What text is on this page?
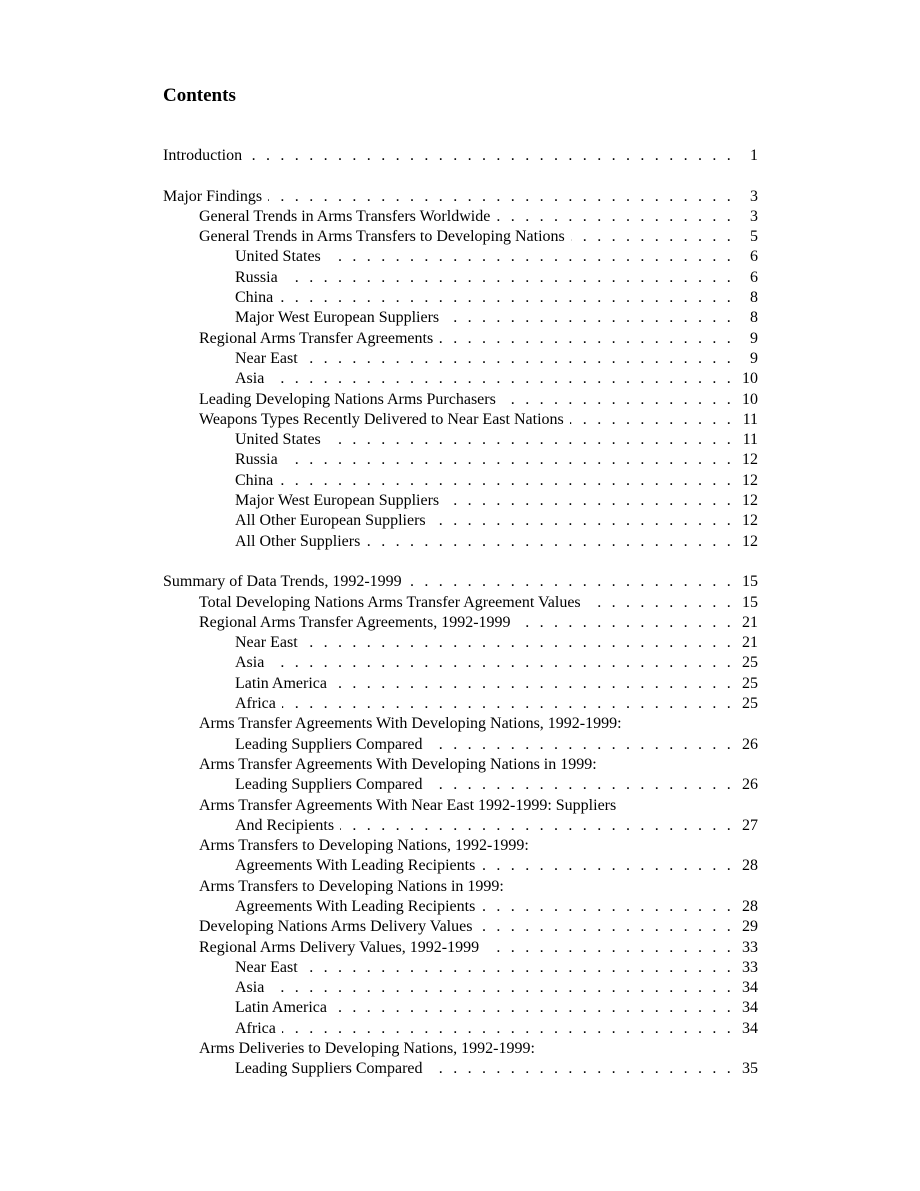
Contents
Introduction . . .	1
Major Findings . . .	3
General Trends in Arms Transfers Worldwide . . .	3
General Trends in Arms Transfers to Developing Nations . . .	5
United States . . .	6
Russia . . .	6
China . . .	8
Major West European Suppliers . . .	8
Regional Arms Transfer Agreements . . .	9
Near East . . .	9
Asia . . .	10
Leading Developing Nations Arms Purchasers . . .	10
Weapons Types Recently Delivered to Near East Nations . . .	11
United States . . .	11
Russia . . .	12
China . . .	12
Major West European Suppliers . . .	12
All Other European Suppliers . . .	12
All Other Suppliers . . .	12
Summary of Data Trends, 1992-1999 . . .	15
Total Developing Nations Arms Transfer Agreement Values . . .	15
Regional Arms Transfer Agreements, 1992-1999 . . .	21
Near East . . .	21
Asia . . .	25
Latin America . . .	25
Africa . . .	25
Arms Transfer Agreements With Developing Nations, 1992-1999:
Leading Suppliers Compared . . .	26
Arms Transfer Agreements With Developing Nations in 1999:
Leading Suppliers Compared . . .	26
Arms Transfer Agreements With Near East 1992-1999: Suppliers
And Recipients . . .	27
Arms Transfers to Developing Nations, 1992-1999:
Agreements With Leading Recipients . . .	28
Arms Transfers to Developing Nations in 1999:
Agreements With Leading Recipients . . .	28
Developing Nations Arms Delivery Values . . .	29
Regional Arms Delivery Values, 1992-1999 . . .	33
Near East . . .	33
Asia . . .	34
Latin America . . .	34
Africa . . .	34
Arms Deliveries to Developing Nations, 1992-1999:
Leading Suppliers Compared . . .	35
